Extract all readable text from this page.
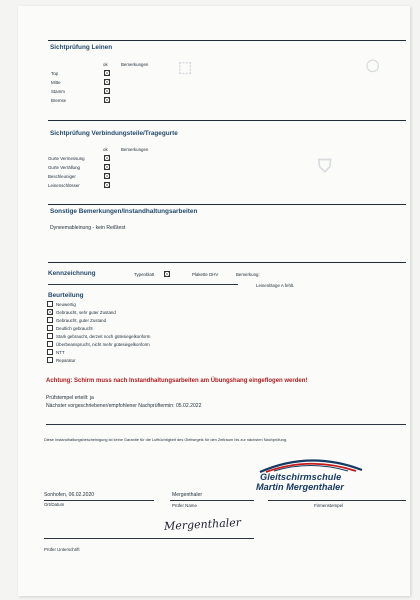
⬚	◯
⛉
Sichtprüfung Leinen
ok	Bemerkungen
Top
Mitte
Stamm
Bremse
Sichtprüfung Verbindungsteile/Tragegurte
ok	Bemerkungen
Gurte Vermessung
Gurte Verrällung
Beschleuniger
Leinenschlösser
Sonstige Bemerkungen/Instandhaltungsarbeiten
Dyneemableinung - kein Reißtest
Kennzeichnung	Typenblatt	Plakette DHV	Bemerkung:
Leinenlänge A fehlt.
Beurteilung
Neuwertig
Gebraucht, sehr guter Zustand
Gebraucht, guter Zustand
Deutlich gebraucht
Stark gebraucht, derzeit noch gütesiegelkonform
Überbeansprucht, nicht mehr gütesiegelkonform
NTT
Reparatur
Achtung: Schirm muss nach Instandhaltungsarbeiten am Übungshang eingeflogen werden!
Prüfstempel erteilt: ja
Nächster vorgeschriebener/empfohlener Nachprüftermin: 05.02.2022
Diese Instandhaltungsbescheinigung ist keine Garantie für die Lufttüchtigkeit des Gleitsegels für den Zeitraum bis zur nächsten Nachprüfung.
Gleitschirmschule
Martin Mergenthaler
Sonhofen, 06.02.2020	Mergenthaler
Ort/Datum	Prüfer Name	Firmenstempel
Mergenthaler
Prüfer Unterschrift
